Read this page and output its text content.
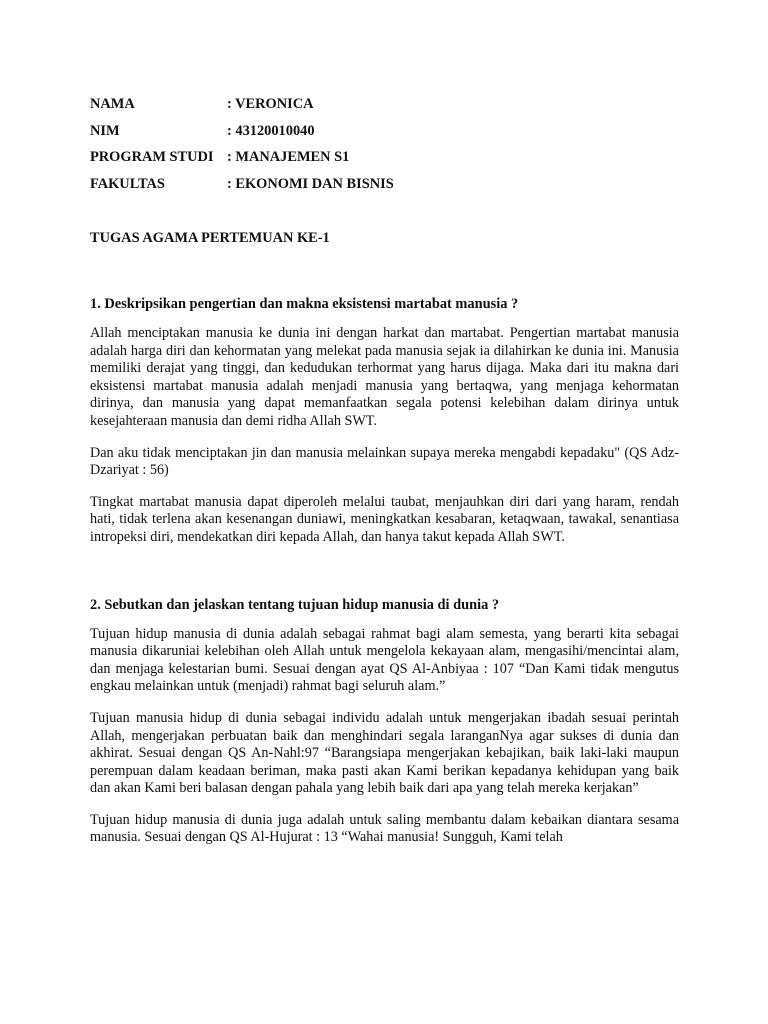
NAMA	: VERONICA
NIM	: 43120010040
PROGRAM STUDI : MANAJEMEN S1
FAKULTAS	: EKONOMI DAN BISNIS
TUGAS AGAMA PERTEMUAN KE-1

1. Deskripsikan pengertian dan makna eksistensi martabat manusia ?

Allah menciptakan manusia ke dunia ini dengan harkat dan martabat. Pengertian martabat manusia adalah harga diri dan kehormatan yang melekat pada manusia sejak ia dilahirkan ke dunia ini. Manusia memiliki derajat yang tinggi, dan kedudukan terhormat yang harus dijaga. Maka dari itu makna dari eksistensi martabat manusia adalah menjadi manusia yang bertaqwa, yang menjaga kehormatan dirinya, dan manusia yang dapat memanfaatkan segala potensi kelebihan dalam dirinya untuk kesejahteraan manusia dan demi ridha Allah SWT.

Dan aku tidak menciptakan jin dan manusia melainkan supaya mereka mengabdi kepadaku" (QS Adz-Dzariyat : 56)

Tingkat martabat manusia dapat diperoleh melalui taubat, menjauhkan diri dari yang haram, rendah hati, tidak terlena akan kesenangan duniawi, meningkatkan kesabaran, ketaqwaan, tawakal, senantiasa intropeksi diri, mendekatkan diri kepada Allah, dan hanya takut kepada Allah SWT.

2. Sebutkan dan jelaskan tentang tujuan hidup manusia di dunia ?

Tujuan hidup manusia di dunia adalah sebagai rahmat bagi alam semesta, yang berarti kita sebagai manusia dikaruniai kelebihan oleh Allah untuk mengelola kekayaan alam, mengasihi/mencintai alam, dan menjaga kelestarian bumi. Sesuai dengan ayat QS Al-Anbiyaa : 107 “Dan Kami tidak mengutus engkau melainkan untuk (menjadi) rahmat bagi seluruh alam.”

Tujuan manusia hidup di dunia sebagai individu adalah untuk mengerjakan ibadah sesuai perintah Allah, mengerjakan perbuatan baik dan menghindari segala laranganNya agar sukses di dunia dan akhirat. Sesuai dengan QS An-Nahl:97 “Barangsiapa mengerjakan kebajikan, baik laki-laki maupun perempuan dalam keadaan beriman, maka pasti akan Kami berikan kepadanya kehidupan yang baik dan akan Kami beri balasan dengan pahala yang lebih baik dari apa yang telah mereka kerjakan”

Tujuan hidup manusia di dunia juga adalah untuk saling membantu dalam kebaikan diantara sesama manusia. Sesuai dengan QS Al-Hujurat : 13 “Wahai manusia! Sungguh, Kami telah
